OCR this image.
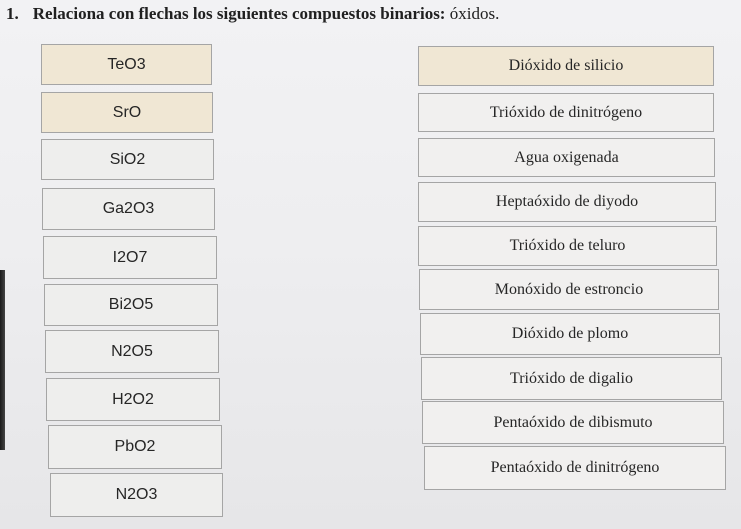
1. Relaciona con flechas los siguientes compuestos binarios: óxidos.
TeO3
SrO
SiO2
Ga2O3
I2O7
Bi2O5
N2O5
H2O2
PbO2
N2O3
Dióxido de silicio
Trióxido de dinitrógeno
Agua oxigenada
Heptaóxido de diyodo
Trióxido de teluro
Monóxido de estroncio
Dióxido de plomo
Trióxido de digalio
Pentaóxido de dibismuto
Pentaóxido de dinitrógeno
